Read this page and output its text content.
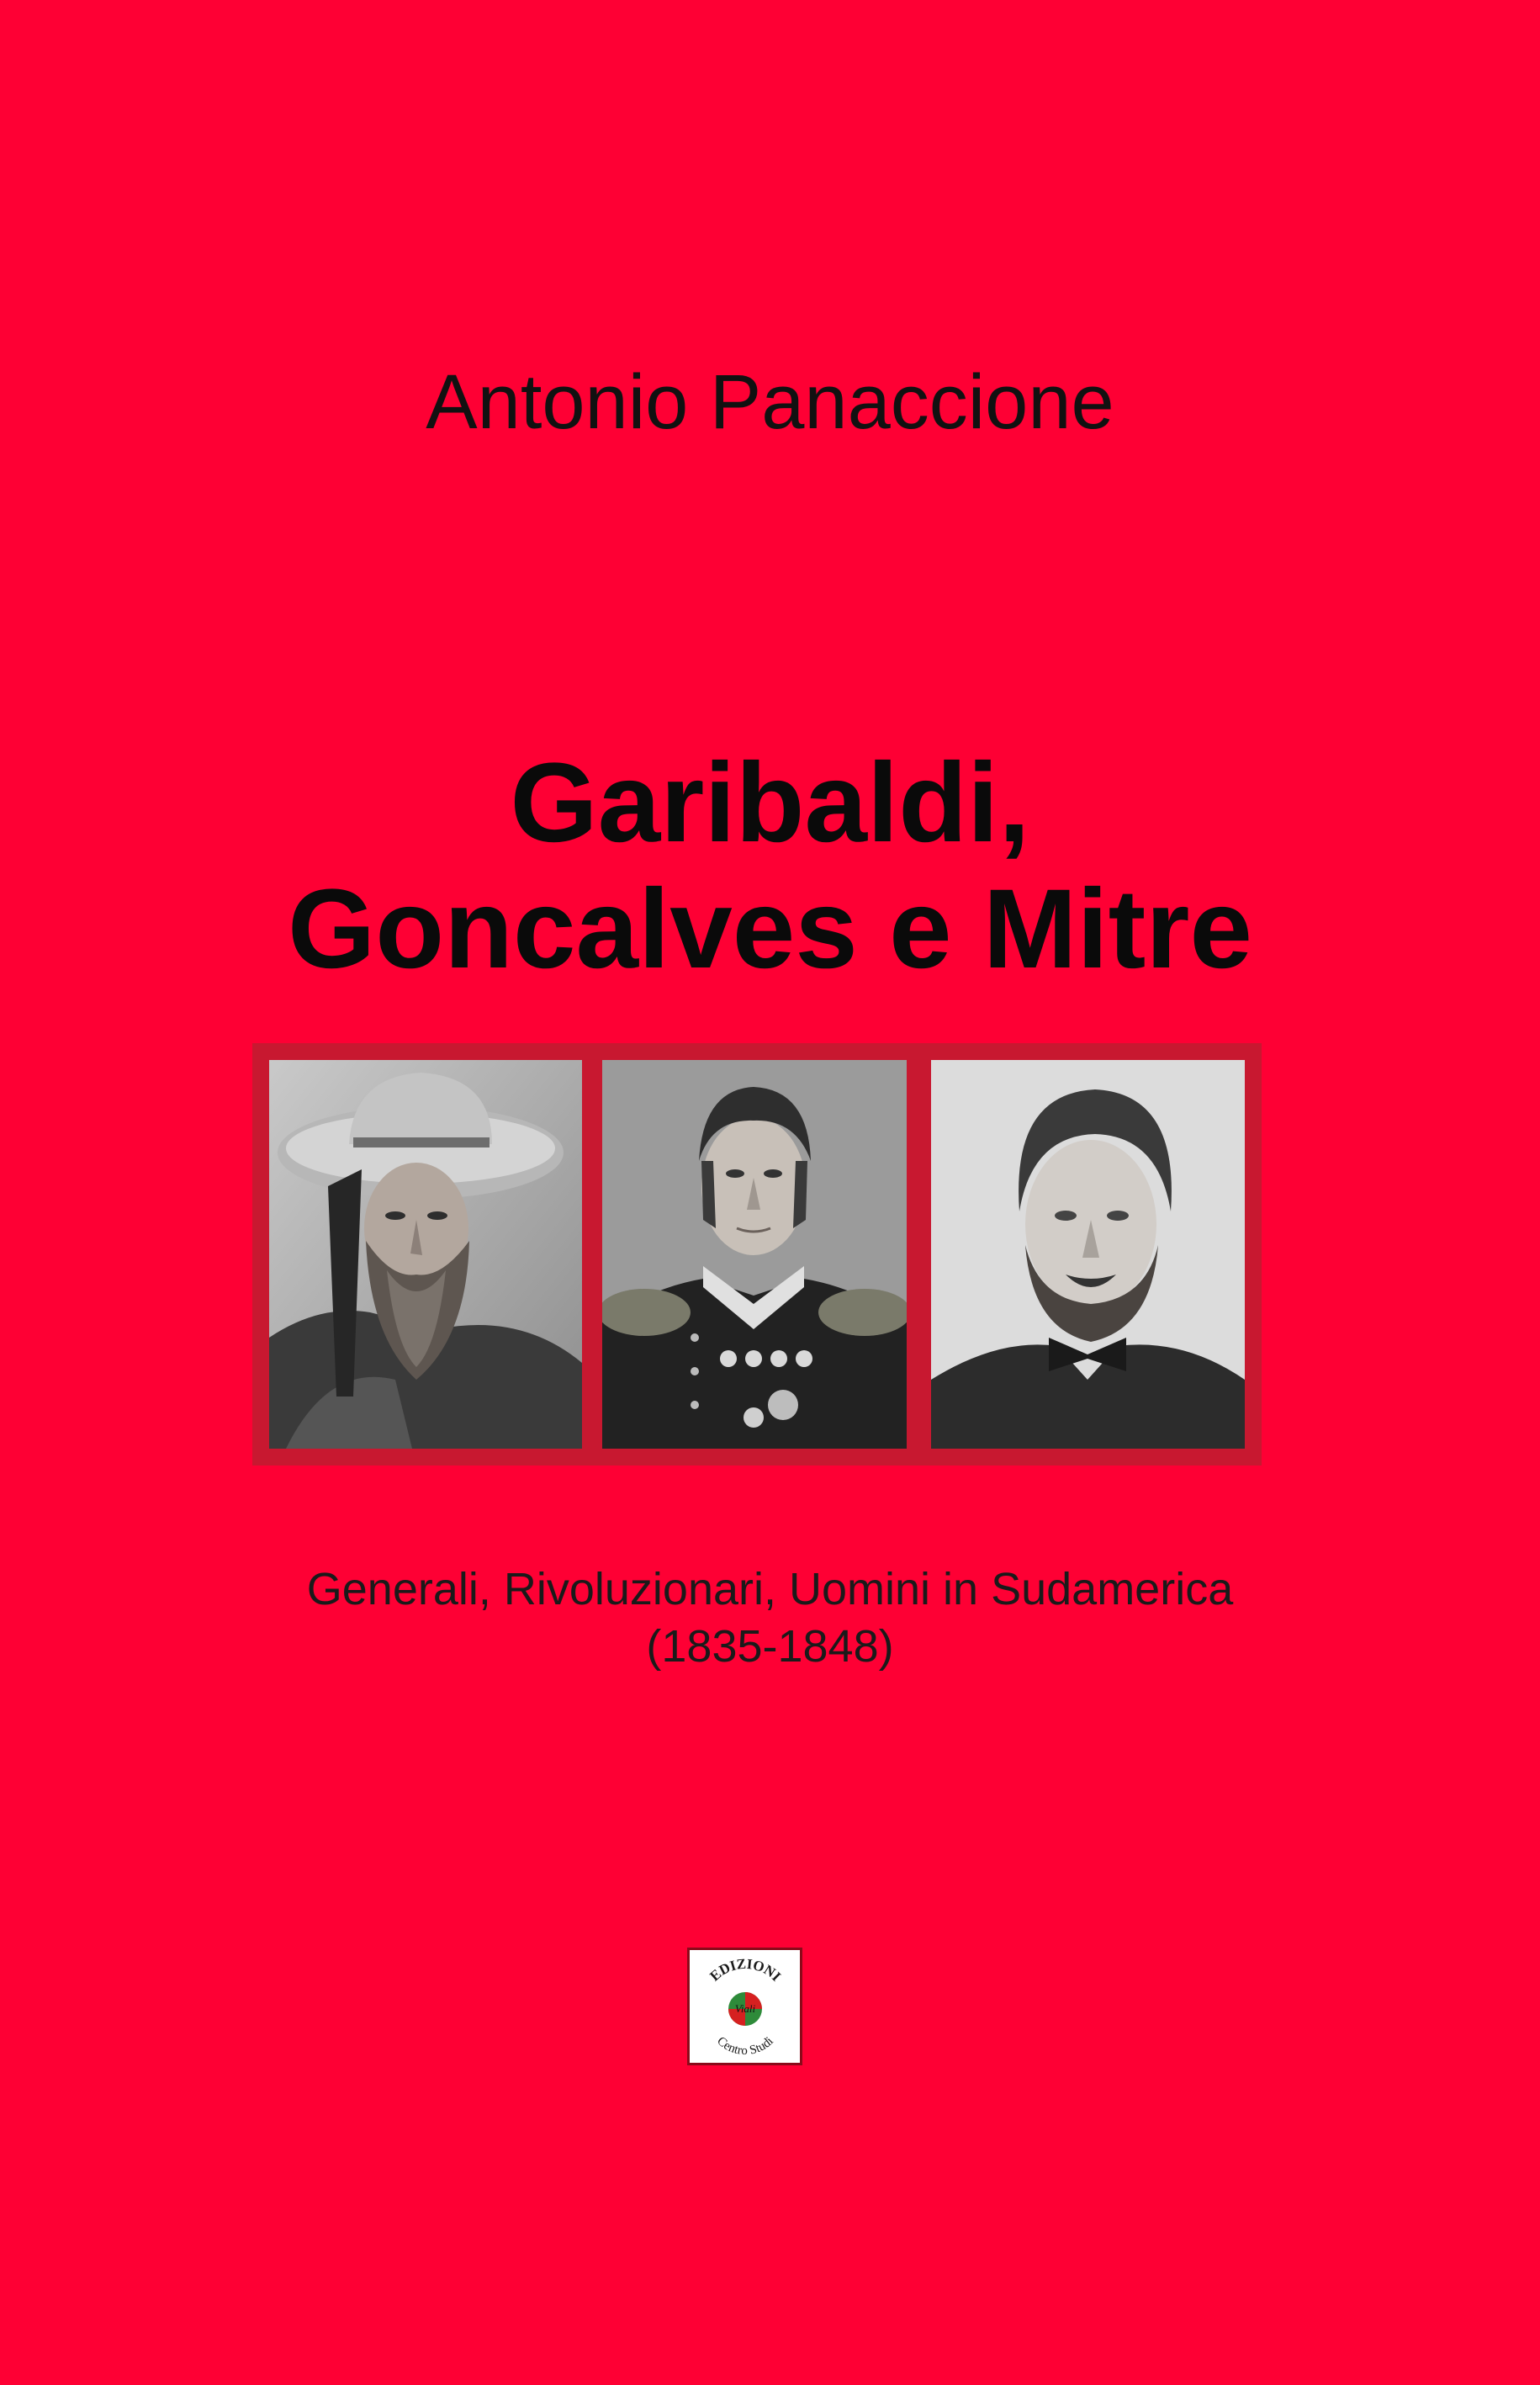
Antonio Panaccione
Garibaldi,
Goncalves e Mitre
Generali, Rivoluzionari, Uomini in Sudamerica
(1835-1848)
EDIZIONI
Viali
Centro Studi
